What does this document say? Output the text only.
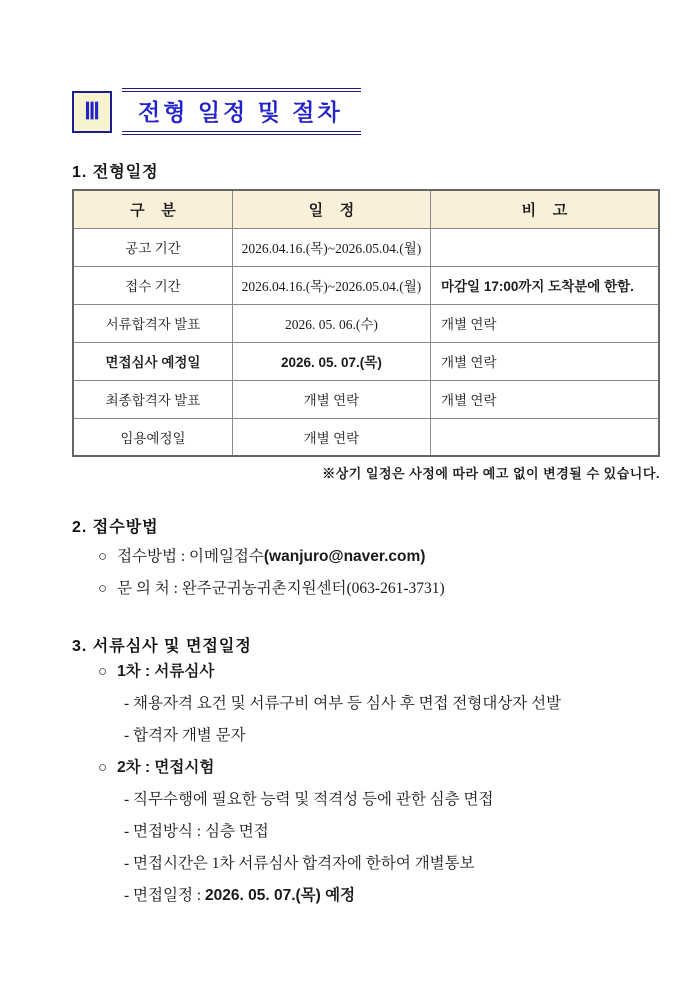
Ⅲ	전형 일정 및 절차
1. 전형일정
구    분	일    정	비    고
공고 기간	2026.04.16.(목)~2026.05.04.(월)	
접수 기간	2026.04.16.(목)~2026.05.04.(월)	마감일 17:00까지 도착분에 한함.
서류합격자 발표	2026. 05. 06.(수)	개별 연락
면접심사 예정일	2026. 05. 07.(목)	개별 연락
최종합격자 발표	개별 연락	개별 연락
임용예정일	개별 연락	
※상기 일정은 사정에 따라 예고 없이 변경될 수 있습니다.
2. 접수방법
○ 접수방법 : 이메일접수(wanjuro@naver.com)
○ 문 의 처 : 완주군귀농귀촌지원센터(063-261-3731)
3. 서류심사 및 면접일정
○ 1차 : 서류심사
- 채용자격 요건 및 서류구비 여부 등 심사 후 면접 전형대상자 선발
- 합격자 개별 문자
○ 2차 : 면접시험
- 직무수행에 필요한 능력 및 적격성 등에 관한 심층 면접
- 면접방식 : 심층 면접
- 면접시간은 1차 서류심사 합격자에 한하여 개별통보
- 면접일정 : 2026. 05. 07.(목) 예정
